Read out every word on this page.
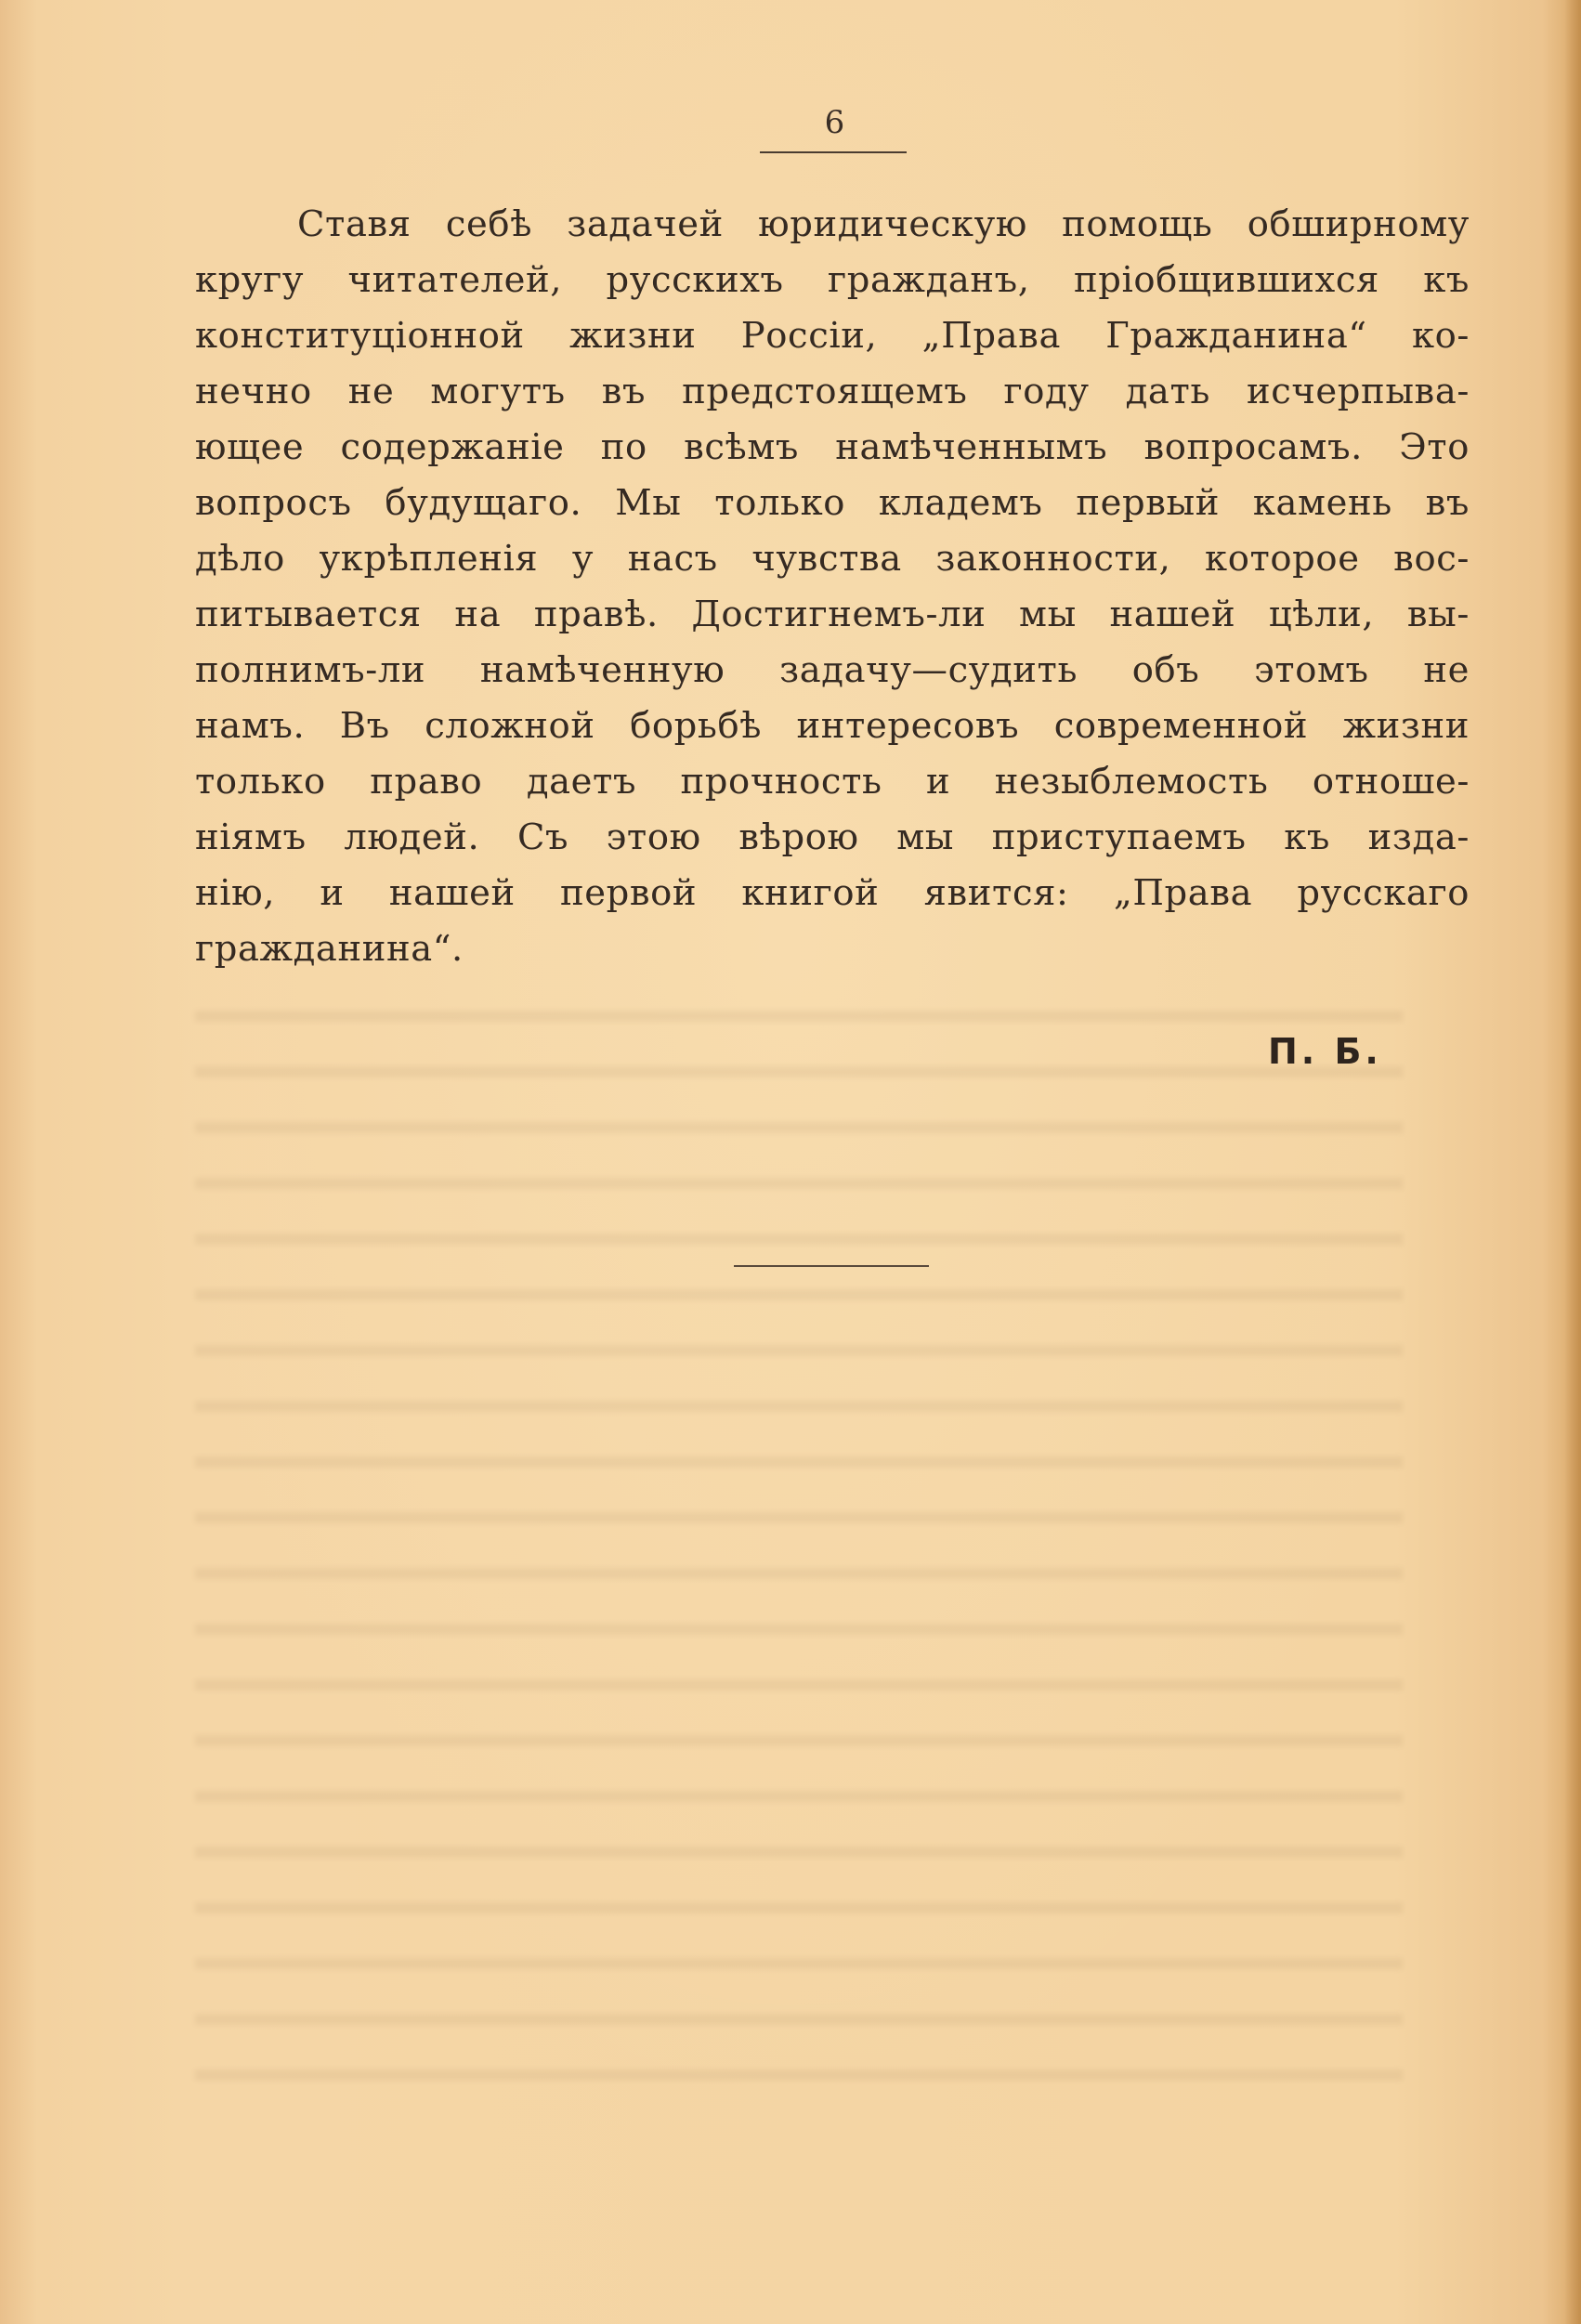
6
Ставя себѣ задачей юридическую помощь обширному
кругу читателей, русскихъ гражданъ, пріобщившихся къ
конституціонной жизни Россіи, „Права Гражданина“ ко-
нечно не могутъ въ предстоящемъ году дать исчерпыва-
ющее содержаніе по всѣмъ намѣченнымъ вопросамъ. Это
вопросъ будущаго. Мы только кладемъ первый камень въ
дѣло укрѣпленія у насъ чувства законности, которое вос-
питывается на правѣ. Достигнемъ-ли мы нашей цѣли, вы-
полнимъ-ли намѣченную задачу—судить объ этомъ не
намъ. Въ сложной борьбѣ интересовъ современной жизни
только право даетъ прочность и незыблемость отноше-
ніямъ людей. Съ этою вѣрою мы приступаемъ къ изда-
нію, и нашей первой книгой явится: „Права русскаго
гражданина“.
П. Б.
